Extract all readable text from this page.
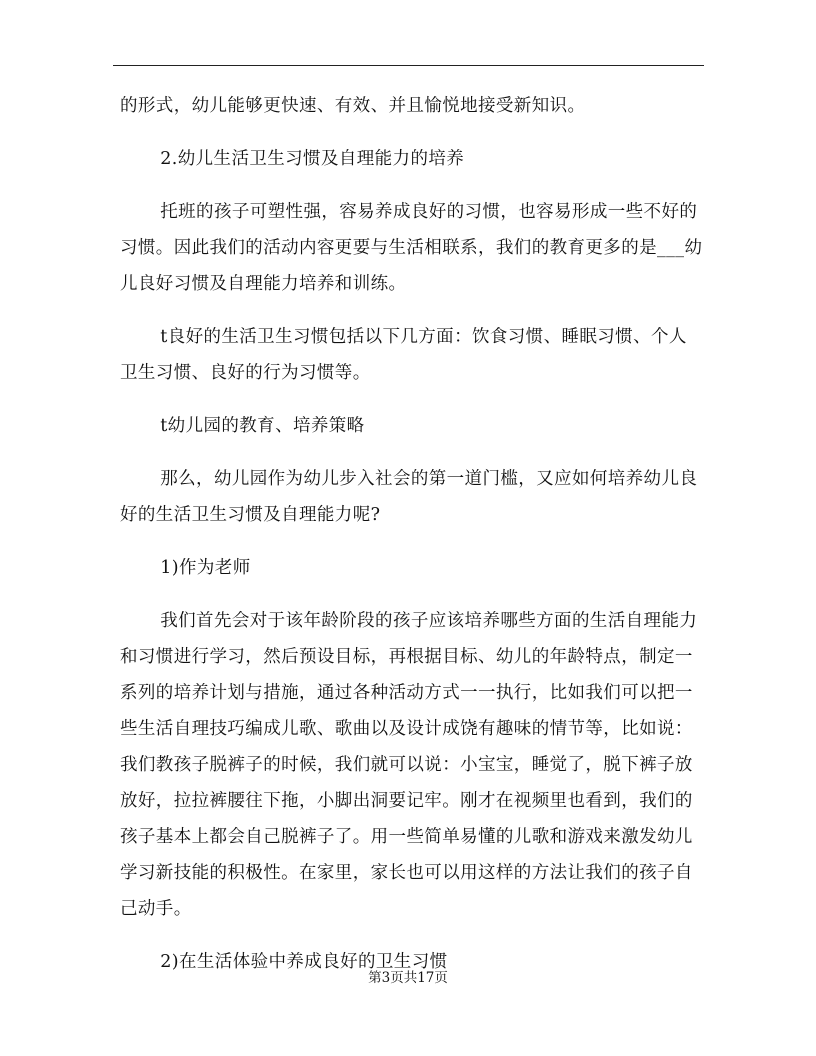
的形式，幼儿能够更快速、有效、并且愉悦地接受新知识。

2.幼儿生活卫生习惯及自理能力的培养

托班的孩子可塑性强，容易养成良好的习惯，也容易形成一些不好的习惯。因此我们的活动内容更要与生活相联系，我们的教育更多的是___幼儿良好习惯及自理能力培养和训练。

t良好的生活卫生习惯包括以下几方面：饮食习惯、睡眠习惯、个人卫生习惯、良好的行为习惯等。

t幼儿园的教育、培养策略

那么，幼儿园作为幼儿步入社会的第一道门槛，又应如何培养幼儿良好的生活卫生习惯及自理能力呢?

1)作为老师

我们首先会对于该年龄阶段的孩子应该培养哪些方面的生活自理能力和习惯进行学习，然后预设目标，再根据目标、幼儿的年龄特点，制定一系列的培养计划与措施，通过各种活动方式一一执行，比如我们可以把一些生活自理技巧编成儿歌、歌曲以及设计成饶有趣味的情节等，比如说：我们教孩子脱裤子的时候，我们就可以说：小宝宝，睡觉了，脱下裤子放放好，拉拉裤腰往下拖，小脚出洞要记牢。刚才在视频里也看到，我们的孩子基本上都会自己脱裤子了。用一些简单易懂的儿歌和游戏来激发幼儿学习新技能的积极性。在家里，家长也可以用这样的方法让我们的孩子自己动手。

2)在生活体验中养成良好的卫生习惯

第3页共17页
